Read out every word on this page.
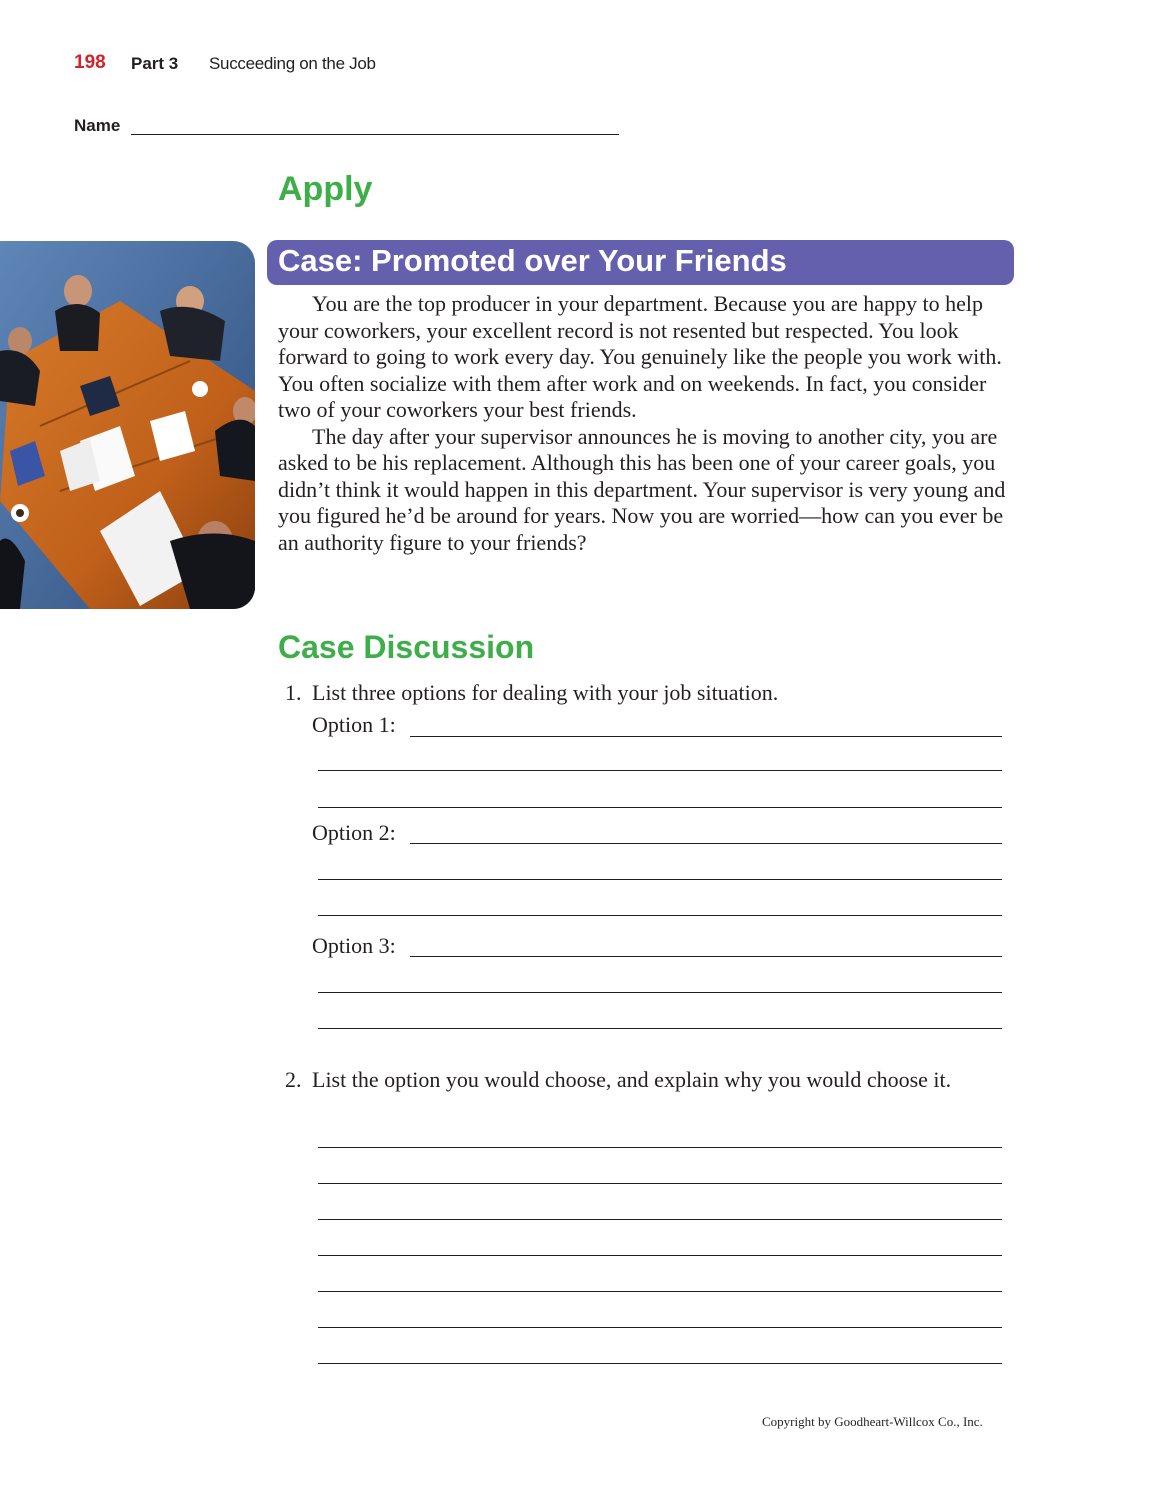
198 Part 3 Succeeding on the Job
Name
Apply
Case: Promoted over Your Friends

You are the top producer in your department. Because you are happy to help your coworkers, your excellent record is not resented but respected. You look forward to going to work every day. You genuinely like the people you work with. You often socialize with them after work and on weekends. In fact, you consider two of your coworkers your best friends.

The day after your supervisor announces he is moving to another city, you are asked to be his replacement. Although this has been one of your career goals, you didn’t think it would happen in this department. Your supervisor is very young and you figured he’d be around for years. Now you are worried—how can you ever be an authority figure to your friends?

Case Discussion
1. List three options for dealing with your job situation.
Option 1:
Option 2:
Option 3:
2. List the option you would choose, and explain why you would choose it.
Copyright by Goodheart-Willcox Co., Inc.
